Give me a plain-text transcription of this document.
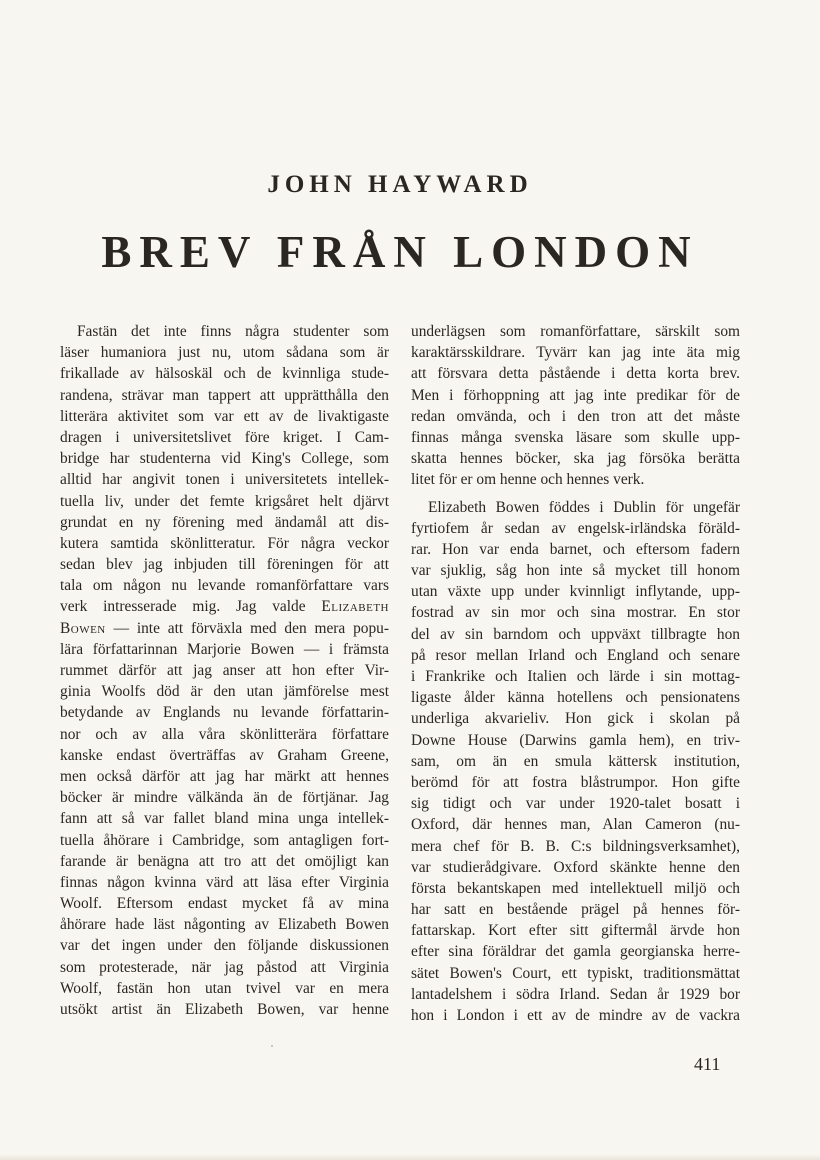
JOHN HAYWARD
BREV FRÅN LONDON
Fastän det inte finns några studenter som
läser humaniora just nu, utom sådana som är
frikallade av hälsoskäl och de kvinnliga stude-
randena, strävar man tappert att upprätthålla den
litterära aktivitet som var ett av de livaktigaste
dragen i universitetslivet före kriget. I Cam-
bridge har studenterna vid King's College, som
alltid har angivit tonen i universitetets intellek-
tuella liv, under det femte krigsåret helt djärvt
grundat en ny förening med ändamål att dis-
kutera samtida skönlitteratur. För några veckor
sedan blev jag inbjuden till föreningen för att
tala om någon nu levande romanförfattare vars
verk intresserade mig. Jag valde Elizabeth
Bowen — inte att förväxla med den mera popu-
lära författarinnan Marjorie Bowen — i främsta
rummet därför att jag anser att hon efter Vir-
ginia Woolfs död är den utan jämförelse mest
betydande av Englands nu levande författarin-
nor och av alla våra skönlitterära författare
kanske endast överträffas av Graham Greene,
men också därför att jag har märkt att hennes
böcker är mindre välkända än de förtjänar. Jag
fann att så var fallet bland mina unga intellek-
tuella åhörare i Cambridge, som antagligen fort-
farande är benägna att tro att det omöjligt kan
finnas någon kvinna värd att läsa efter Virginia
Woolf. Eftersom endast mycket få av mina
åhörare hade läst någonting av Elizabeth Bowen
var det ingen under den följande diskussionen
som protesterade, när jag påstod att Virginia
Woolf, fastän hon utan tvivel var en mera
utsökt artist än Elizabeth Bowen, var henne
underlägsen som romanförfattare, särskilt som
karaktärsskildrare. Tyvärr kan jag inte äta mig
att försvara detta påstående i detta korta brev.
Men i förhoppning att jag inte predikar för de
redan omvända, och i den tron att det måste
finnas många svenska läsare som skulle upp-
skatta hennes böcker, ska jag försöka berätta
litet för er om henne och hennes verk.
Elizabeth Bowen föddes i Dublin för ungefär
fyrtiofem år sedan av engelsk-irländska föräld-
rar. Hon var enda barnet, och eftersom fadern
var sjuklig, såg hon inte så mycket till honom
utan växte upp under kvinnligt inflytande, upp-
fostrad av sin mor och sina mostrar. En stor
del av sin barndom och uppväxt tillbragte hon
på resor mellan Irland och England och senare
i Frankrike och Italien och lärde i sin mottag-
ligaste ålder känna hotellens och pensionatens
underliga akvarieliv. Hon gick i skolan på
Downe House (Darwins gamla hem), en triv-
sam, om än en smula kättersk institution,
berömd för att fostra blåstrumpor. Hon gifte
sig tidigt och var under 1920-talet bosatt i
Oxford, där hennes man, Alan Cameron (nu-
mera chef för B. B. C:s bildningsverksamhet),
var studierådgivare. Oxford skänkte henne den
första bekantskapen med intellektuell miljö och
har satt en bestående prägel på hennes för-
fattarskap. Kort efter sitt giftermål ärvde hon
efter sina föräldrar det gamla georgianska herre-
sätet Bowen's Court, ett typiskt, traditionsmättat
lantadelshem i södra Irland. Sedan år 1929 bor
hon i London i ett av de mindre av de vackra

411
